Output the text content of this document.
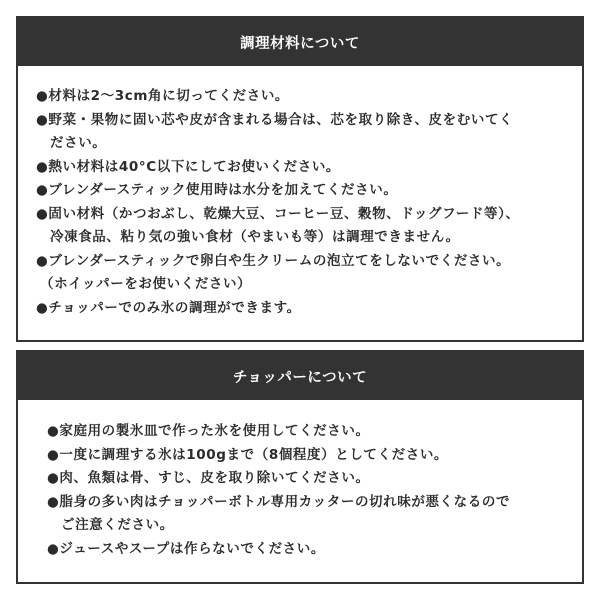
調理材料について
●材料は2〜3cm角に切ってください。
●野菜・果物に固い芯や皮が含まれる場合は、芯を取り除き、皮をむいてく
ださい。
●熱い材料は40°C以下にしてお使いください。
●ブレンダースティック使用時は水分を加えてください。
●固い材料（かつおぶし、乾燥大豆、コーヒー豆、穀物、ドッグフード等）、
冷凍食品、粘り気の強い食材（やまいも等）は調理できません。
●ブレンダースティックで卵白や生クリームの泡立てをしないでください。
（ホイッパーをお使いください）
●チョッパーでのみ氷の調理ができます。
チョッパーについて
●家庭用の製氷皿で作った氷を使用してください。
●一度に調理する氷は100gまで（8個程度）としてください。
●肉、魚類は骨、すじ、皮を取り除いてください。
●脂身の多い肉はチョッパーボトル専用カッターの切れ味が悪くなるので
ご注意ください。
●ジュースやスープは作らないでください。
